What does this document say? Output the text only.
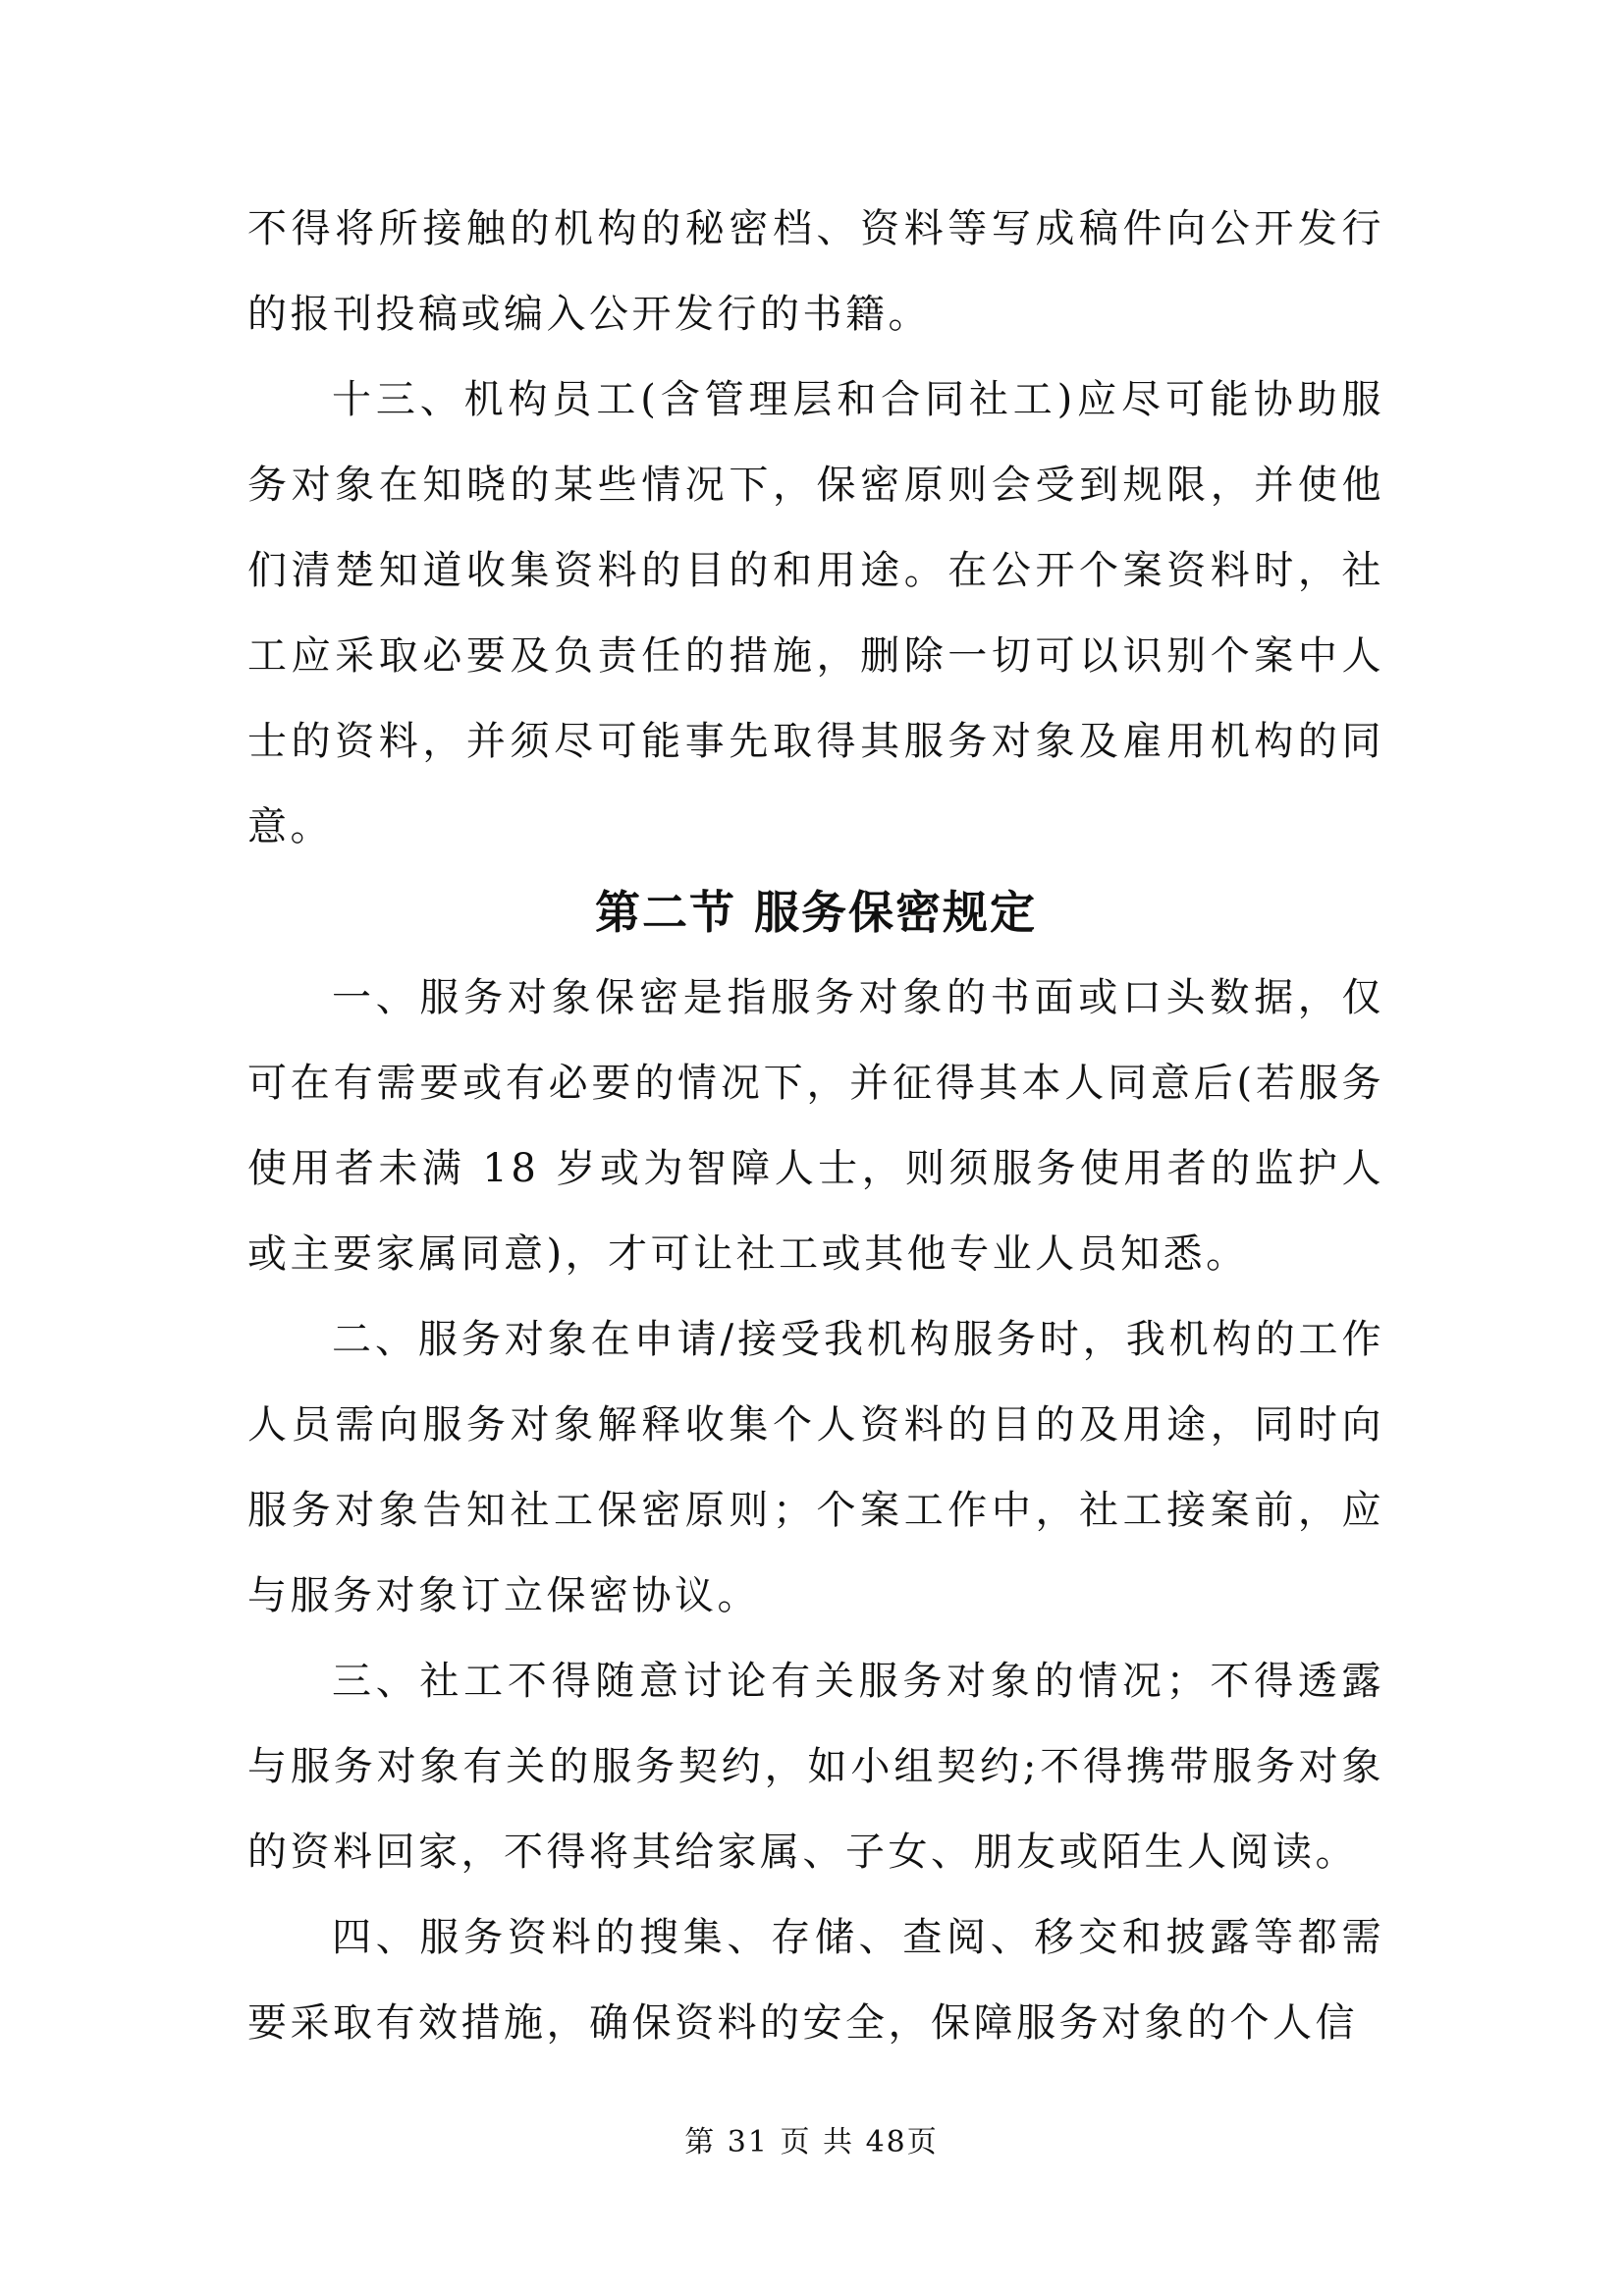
不得将所接触的机构的秘密档、资料等写成稿件向公开发行的报刊投稿或编入公开发行的书籍。

十三、机构员工(含管理层和合同社工)应尽可能协助服务对象在知晓的某些情况下，保密原则会受到规限，并使他们清楚知道收集资料的目的和用途。在公开个案资料时，社工应采取必要及负责任的措施，删除一切可以识别个案中人士的资料，并须尽可能事先取得其服务对象及雇用机构的同意。

第二节 服务保密规定

一、服务对象保密是指服务对象的书面或口头数据，仅可在有需要或有必要的情况下，并征得其本人同意后(若服务使用者未满 18 岁或为智障人士，则须服务使用者的监护人或主要家属同意)，才可让社工或其他专业人员知悉。

二、服务对象在申请/接受我机构服务时，我机构的工作人员需向服务对象解释收集个人资料的目的及用途，同时向服务对象告知社工保密原则；个案工作中，社工接案前，应与服务对象订立保密协议。

三、社工不得随意讨论有关服务对象的情况；不得透露与服务对象有关的服务契约，如小组契约;不得携带服务对象的资料回家，不得将其给家属、子女、朋友或陌生人阅读。

四、服务资料的搜集、存储、查阅、移交和披露等都需要采取有效措施，确保资料的安全，保障服务对象的个人信

第 31 页 共 48页
